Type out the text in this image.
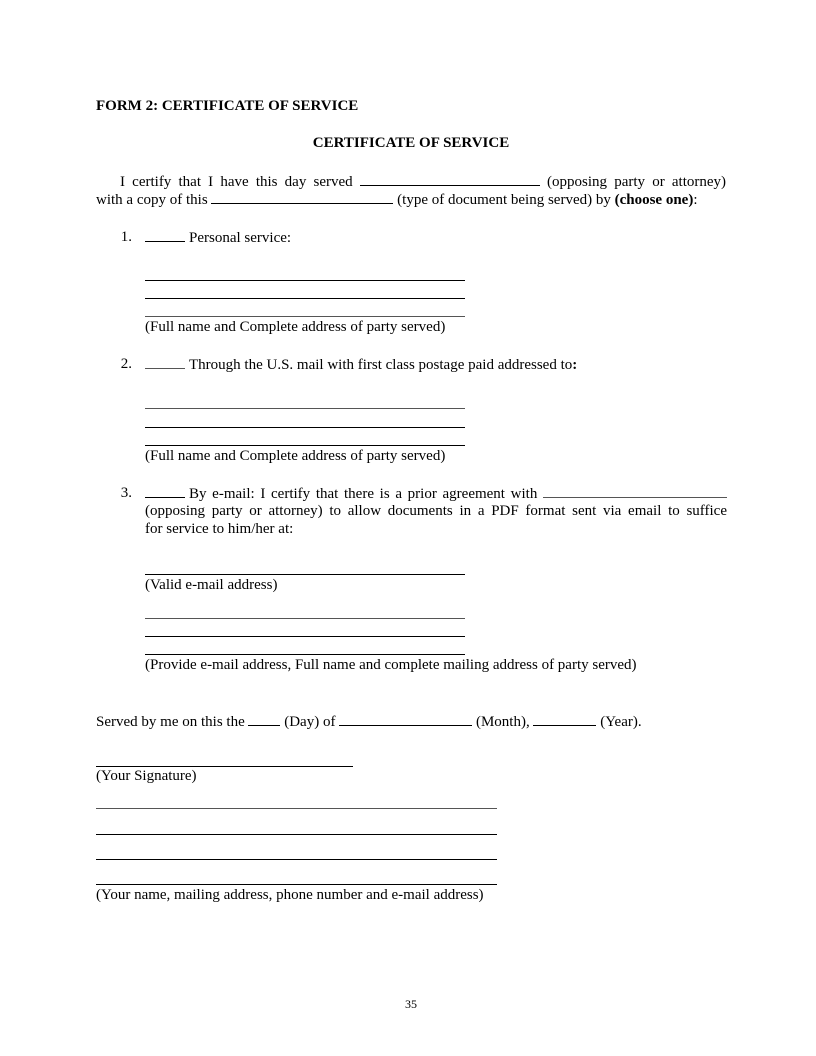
FORM 2: CERTIFICATE OF SERVICE
CERTIFICATE OF SERVICE
I certify that I have this day served	(opposing party or attorney)
with a copy of this	(type of document being served) by (choose one):
1.	Personal service:
(Full name and Complete address of party served)
2.	Through the U.S. mail with first class postage paid addressed to:
(Full name and Complete address of party served)
3.	By e-mail: I certify that there is a prior agreement with
(opposing party or attorney) to allow documents in a PDF format sent via email to suffice
for service to him/her at:
(Valid e-mail address)
(Provide e-mail address, Full name and complete mailing address of party served)
Served by me on this the	(Day) of	(Month),	(Year).
(Your Signature)
(Your name, mailing address, phone number and e-mail address)
35
